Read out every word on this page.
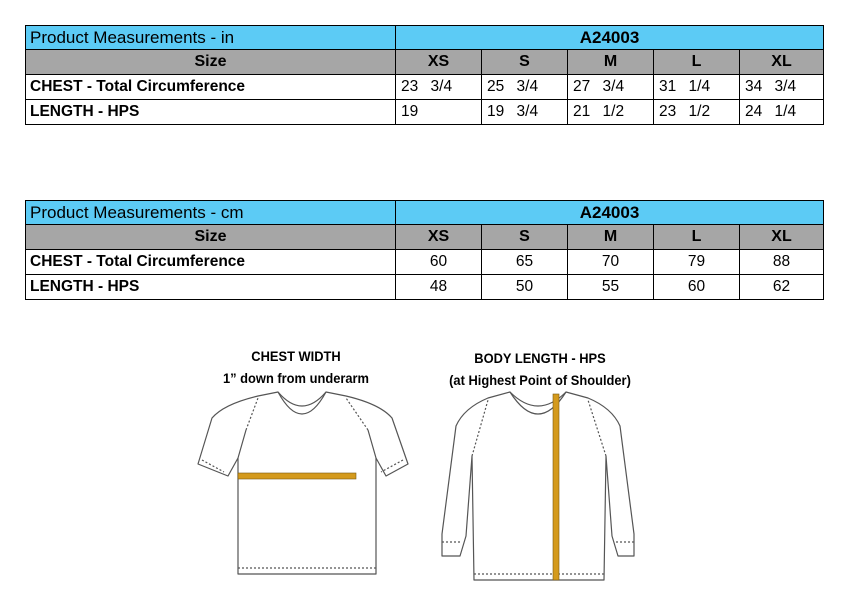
Product Measurements - in	A24003				
Size	XS	S	M	L	XL
CHEST - Total Circumference	23 3/4	25 3/4	27 3/4	31 1/4	34 3/4
LENGTH - HPS	19	19 3/4	21 1/2	23 1/2	24 1/4
Product Measurements - cm	A24003				
Size	XS	S	M	L	XL
CHEST - Total Circumference	60	65	70	79	88
LENGTH - HPS	48	50	55	60	62
CHEST WIDTH
1” down from underarm
BODY LENGTH - HPS
(at Highest Point of Shoulder)
